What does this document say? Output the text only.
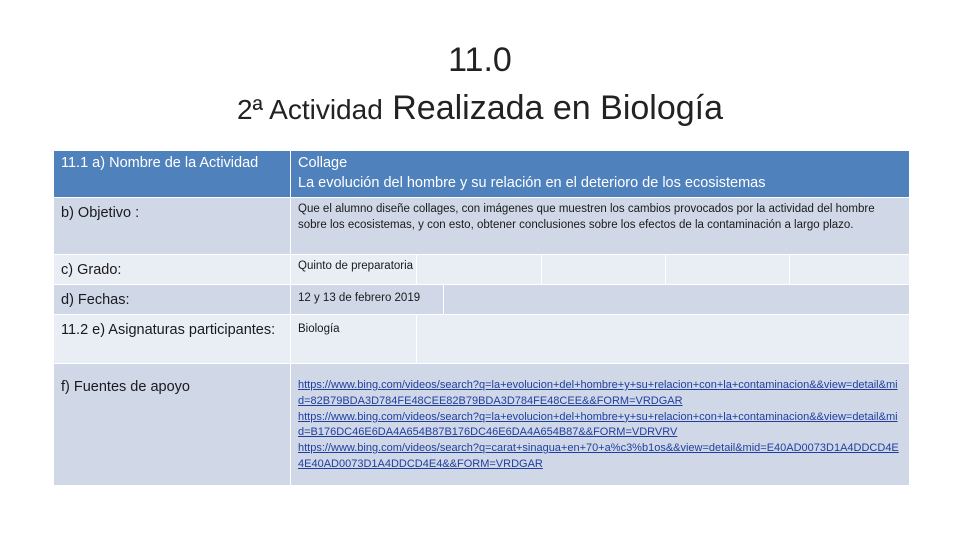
11.0
2ª Actividad Realizada en Biología
11.1 a) Nombre de la Actividad	Collage
La evolución del hombre y su relación en el deterioro de los ecosistemas

b) Objetivo :	Que el alumno diseñe collages, con imágenes que muestren los cambios provocados por la actividad del hombre sobre los ecosistemas, y con esto, obtener conclusiones sobre los efectos de la contaminación a largo plazo.

c) Grado:	Quinto de preparatoria

d) Fechas:	12 y 13 de febrero 2019

11.2 e) Asignaturas participantes:	Biología

f) Fuentes de apoyo	https://www.bing.com/videos/search?q=la+evolucion+del+hombre+y+su+relacion+con+la+contaminacion&&view=detail&mid=82B79BDA3D784FE48CEE82B79BDA3D784FE48CEE&&FORM=VRDGAR
https://www.bing.com/videos/search?q=la+evolucion+del+hombre+y+su+relacion+con+la+contaminacion&&view=detail&mid=B176DC46E6DA4A654B87B176DC46E6DA4A654B87&&FORM=VDRVRV
https://www.bing.com/videos/search?q=carat+sinagua+en+70+a%c3%b1os&&view=detail&mid=E40AD0073D1A4DDCD4E4E40AD0073D1A4DDCD4E4&&FORM=VRDGAR
